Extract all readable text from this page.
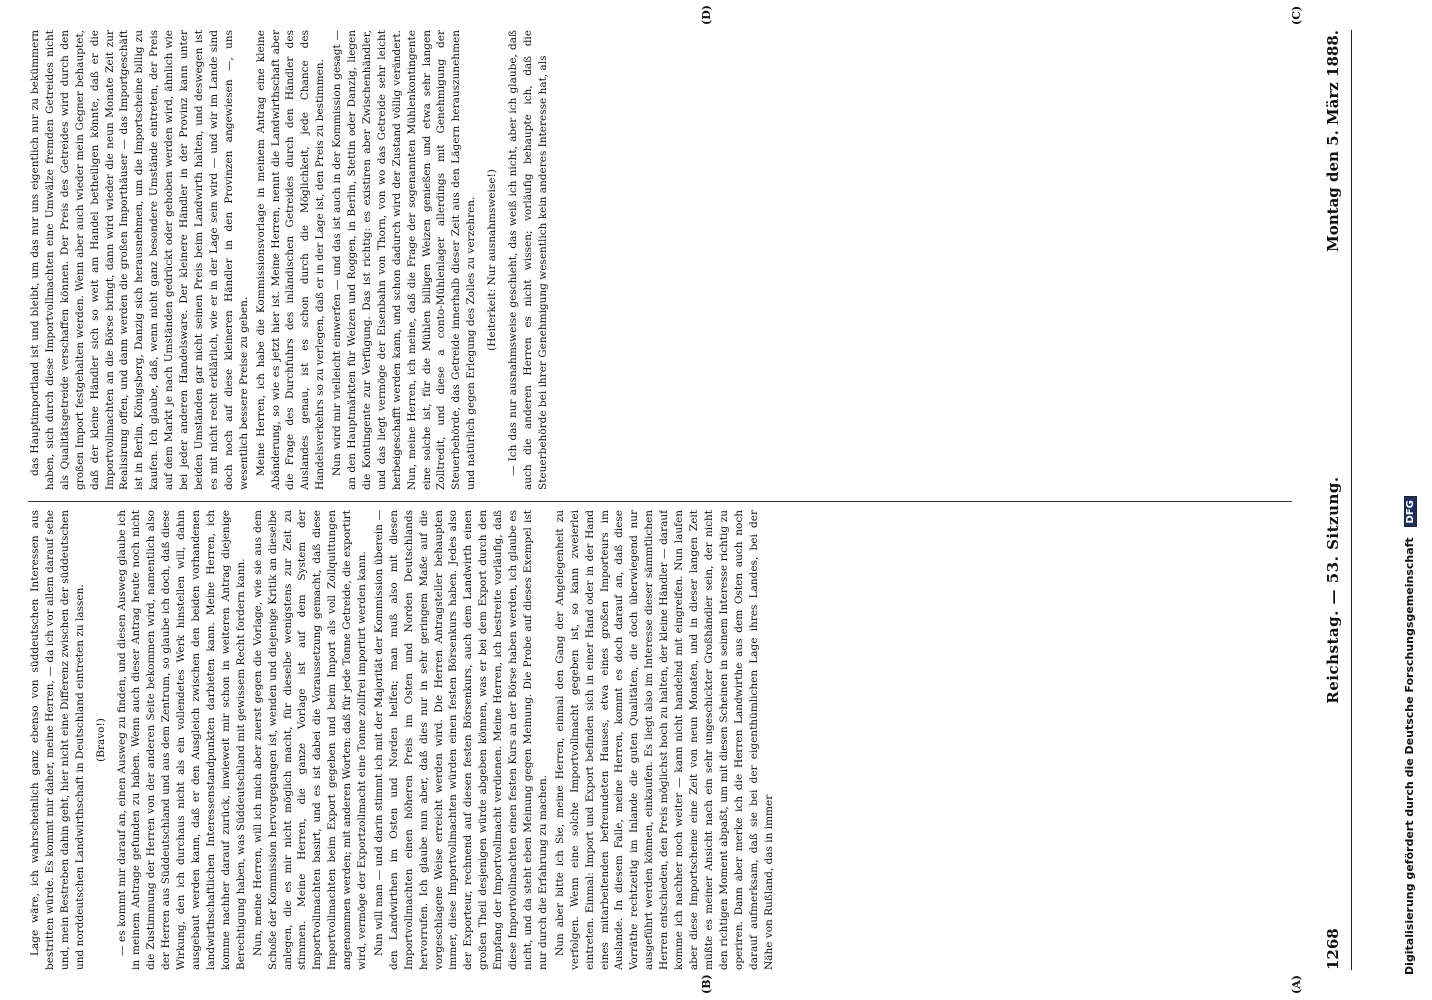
1268
Reichstag. — 53. Sitzung.
Montag den 5. März 1888.

Lage wäre, ich wahrscheinlich ganz ebenso von süddeutschen Interessen aus bestritten würde. Es kommt mir daher, meine Herren, — da ich vor allem darauf sehe und, mein Bestreben dahin geht, hier nicht eine Differenz zwischen der süddeutschen und norddeutschen Landwirthschaft in Deutschland eintreten zu lassen. (Bravo!) — es kommt mir darauf an, einen Ausweg zu finden, und diesen Ausweg glaube ich in meinem Antrage gefunden zu haben. Wenn auch dieser Antrag heute noch nicht die Zustimmung der Herren von der anderen Seite bekommen wird, namentlich also der Herren aus Süddeutschland und aus dem Zentrum, so glaube ich doch, daß diese Wirkung, den ich durchaus nicht als ein vollendetes Werk hinstellen will, dahin ausgebaut werden kann, daß er den Ausgleich zwischen den beiden vorhandenen landwirthschaftlichen Interessenstandpunkten darbieten kann. Meine Herren, ich komme nachher darauf zurück, inwieweit mir schon in weiteren Antrag diejenige Berechtigung haben, was Süddeutschland mit gewissem Recht fordern kann. Nun, meine Herren, will ich mich aber zuerst gegen die Vorlage, wie sie aus dem Schoße der Kommission hervorgegangen ist, wenden und diejenige Kritik an dieselbe anlegen, die es mir nicht möglich macht, für dieselbe wenigstens zur Zeit zu stimmen. Meine Herren, die ganze Vorlage ist auf dem System der Importvollmachten basirt, und es ist dabei die Voraussetzung gemacht, daß diese Importvollmachten beim Export gegeben und beim Import als voll Zollquittungen angenommen werden; mit anderen Worten: daß für jede Tonne Getreide, die exportirt wird, vermöge der Exportzollmacht eine Tonne zollfrei importirt werden kann. Nun will man — und darin stimmt ich mit der Majorität der Kommission überein — den Landwirthen im Osten und Norden helfen; man muß also mit diesen Importvollmachten einen höheren Preis im Osten und Norden Deutschlands hervorrufen. Ich glaube nun aber, daß dies nur in sehr geringem Maße auf die vorgeschlagene Weise erreicht werden wird. Die Herren Antragsteller behaupten immer, diese Importvollmachten würden einen festen Börsenkurs haben. Jedes also der Exporteur, rechnend auf diesen festen Börsenkurs, auch dem Landwirth einen großen Theil desjenigen würde abgeben können, was er bei dem Export durch den Empfang der Importvollmacht verdienen. Meine Herren, ich bestreite vorläufig, daß diese Importvollmachten einen festen Kurs an der Börse haben werden, ich glaube es nicht, und da steht eben Meinung gegen Meinung. Die Probe auf dieses Exempel ist nur durch die Erfahrung zu machen. Nun aber bitte ich Sie, meine Herren, einmal den Gang der Angelegenheit zu verfolgen. Wenn eine solche Importvollmacht gegeben ist, so kann zweierlei eintreten. Einmal: Import und Export befinden sich in einer Hand oder in der Hand eines mitarbeitenden befreundeten Hauses, etwa eines großen Importeurs im Auslande. In diesem Falle, meine Herren, kommt es doch darauf an, daß diese Vorräthe rechtzeitig im Inlande die guten Qualitäten, die doch überwiegend nur ausgeführt werden können, einkaufen. Es liegt also im Interesse dieser sämmtlichen Herren entschieden, den Preis möglichst hoch zu halten, der kleine Händler — darauf komme ich nachher noch weiter — kann nicht handelnd mit eingreifen. Nun laufen aber diese Importscheine eine Zeit von neun Monaten, und in dieser langen Zeit müßte es meiner Ansicht nach ein sehr ungeschickter Großhändler sein, der nicht den richtigen Moment abpaßt, um mit diesen Scheinen in seinem Interesse richtig zu operiren. Dann aber merke ich die Herren Landwirthe aus dem Osten auch noch darauf aufmerksam, daß sie bei der eigenthümlichen Lage ihres Landes, bei der Nähe von Rußland, das in immer

das Hauptimportland ist und bleibt, um das nur uns eigentlich nur zu bekümmern haben, sich durch diese Importvollmachten eine Umwälze fremden Getreides nicht als Qualitätsgetreide verschaffen können. Der Preis des Getreides wird durch den großen Import festgehalten werden. Wenn aber auch wieder mein Gegner behauptet, daß der kleine Händler sich so weit am Handel betheiligen könnte, daß er die Importvollmachten an die Börse bringt, dann wird wieder die neun Monate Zeit zur Realisirung offen, und dann werden die großen Importhäuser — das Importgeschäft ist in Berlin, Königsberg, Danzig sich herausnehmen, um die Importscheine billig zu kaufen. Ich glaube, daß, wenn nicht ganz besondere Umstände eintreten, der Preis auf dem Markt je nach Umständen gedrückt oder gehoben werden wird, ähnlich wie bei jeder anderen Handelsware. Der kleinere Händler in der Provinz kann unter beiden Umständen gar nicht seinen Preis beim Landwirth halten, und deswegen ist es mit nicht recht erklärlich, wie er in der Lage sein wird — und wir im Lande sind doch noch auf diese kleineren Händler in den Provinzen angewiesen —, uns wesentlich bessere Preise zu geben. Meine Herren, ich habe die Kommissionsvorlage in meinem Antrag eine kleine Abänderung, so wie es jetzt hier ist. Meine Herren, nennt die Landwirthschaft aber die Frage des Durchfuhrs des inländischen Getreides durch den Händler des Auslandes genau, ist es schon durch die Möglichkeit, jede Chance des Handelsverkehrs so zu verlegen, daß er in der Lage ist, den Preis zu bestimmen. Nun wird mir vielleicht einwerfen — und das ist auch in der Kommission gesagt — an den Hauptmärkten für Weizen und Roggen, in Berlin, Stettin oder Danzig, liegen die Kontingente zur Verfügung. Das ist richtig: es existiren aber Zwischenhändler, und das liegt vermöge der Eisenbahn von Thorn, von wo das Getreide sehr leicht herbeigeschafft werden kann, und schon dadurch wird der Zustand völlig verändert. Nun, meine Herren, ich meine, daß die Frage der sogenannten Mühlenkontingente eine solche ist, für die Mühlen billigen Weizen genießen und etwa sehr langen Zolltredit, und diese a conto-Mühlenlager allerdings mit Genehmigung der Steuerbehörde, das Getreide innerhalb dieser Zeit aus den Lägern herauszunehmen und natürlich gegen Erlegung des Zolles zu verzehren. (Heiterkeit: Nur ausnahmsweise!) — Ich das nur ausnahmsweise geschieht, das weiß ich nicht, aber ich glaube, daß auch die anderen Herren es nicht wissen; vorläufig behaupte ich, daß die Steuerbehörde bei ihrer Genehmigung wesentlich kein anderes Interesse hat, als

(A)
(B)
(C)
(D)
Digitalisierung gefördert durch die Deutsche Forschungsgemeinschaft DFG
